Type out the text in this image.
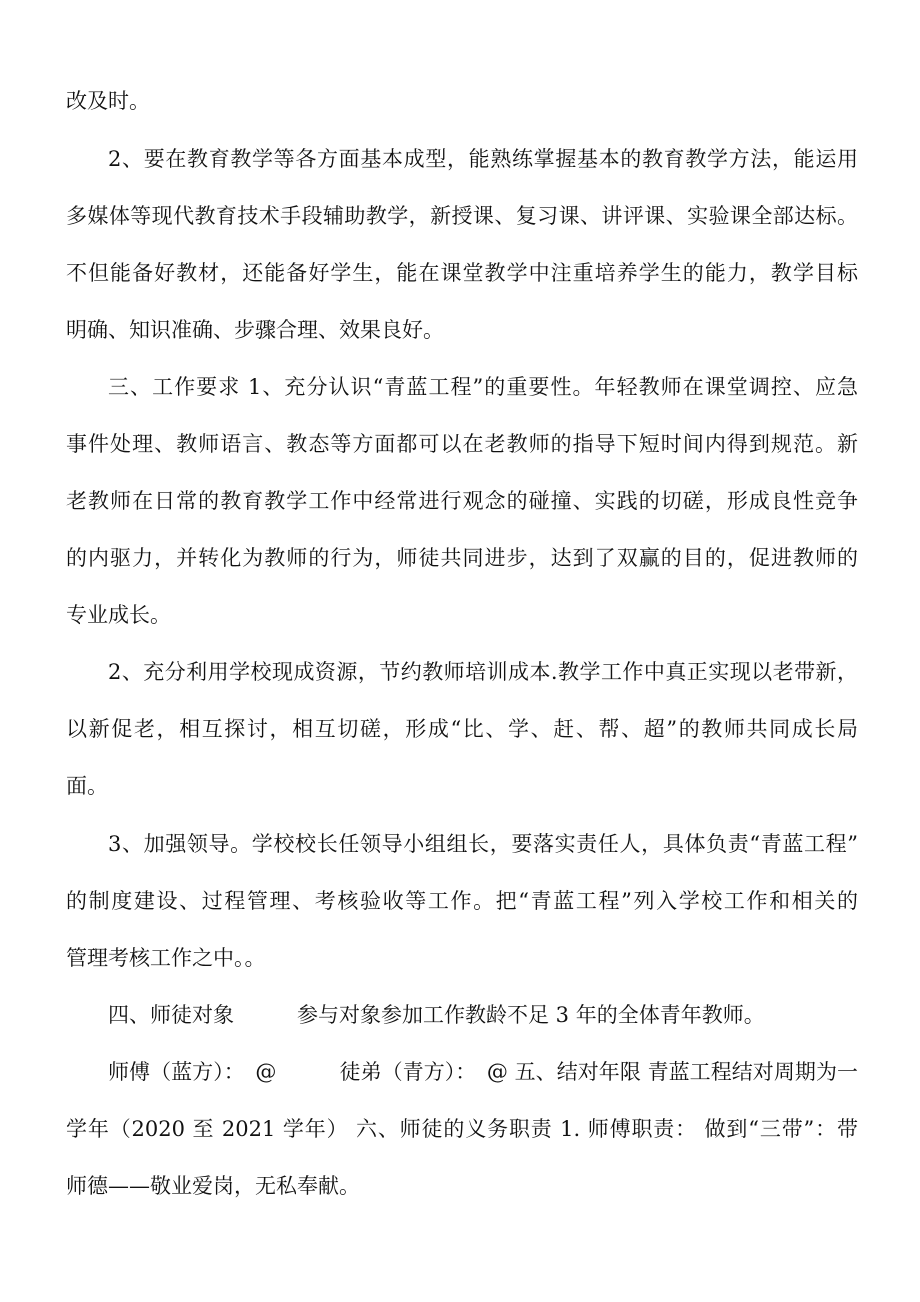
改及时。
2、要在教育教学等各方面基本成型，能熟练掌握基本的教育教学方法，能运用
多媒体等现代教育技术手段辅助教学，新授课、复习课、讲评课、实验课全部达标。
不但能备好教材，还能备好学生，能在课堂教学中注重培养学生的能力，教学目标
明确、知识准确、步骤合理、效果良好。
三、工作要求 1、充分认识“青蓝工程”的重要性。年轻教师在课堂调控、应急
事件处理、教师语言、教态等方面都可以在老教师的指导下短时间内得到规范。新
老教师在日常的教育教学工作中经常进行观念的碰撞、实践的切磋，形成良性竞争
的内驱力，并转化为教师的行为，师徒共同进步，达到了双赢的目的，促进教师的
专业成长。
2、充分利用学校现成资源，节约教师培训成本.教学工作中真正实现以老带新，
以新促老，相互探讨，相互切磋，形成“比、学、赶、帮、超”的教师共同成长局
面。
3、加强领导。学校校长任领导小组组长，要落实责任人，具体负责“青蓝工程”
的制度建设、过程管理、考核验收等工作。把“青蓝工程”列入学校工作和相关的
管理考核工作之中。。
四、师徒对象　　　参与对象参加工作教龄不足 3 年的全体青年教师。
师傅（蓝方）：　@　　　徒弟（青方）：　@ 五、结对年限 青蓝工程结对周期为一
学年（2020 至 2021 学年） 六、师徒的义务职责 1. 师傅职责： 做到“三带”：带
师德——敬业爱岗，无私奉献。
